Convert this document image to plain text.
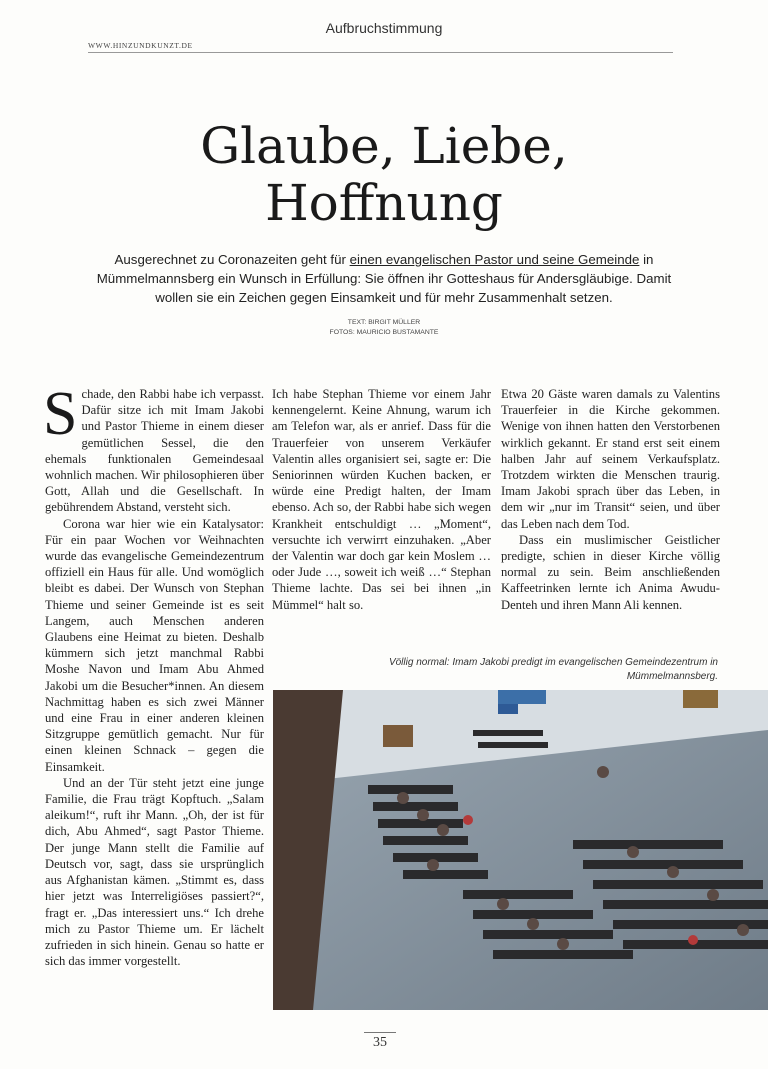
Aufbruchstimmung
WWW.HINZUNDKUNZT.DE
Glaube, Liebe,
Hoffnung

Ausgerechnet zu Coronazeiten geht für einen evangelischen Pastor und seine Gemeinde in Mümmelmannsberg ein Wunsch in Erfüllung: Sie öffnen ihr Gotteshaus für Andersgläubige. Damit wollen sie ein Zeichen gegen Einsamkeit und für mehr Zusammenhalt setzen.

TEXT: BIRGIT MÜLLER
FOTOS: MAURICIO BUSTAMANTE

Schade, den Rabbi habe ich verpasst. Dafür sitze ich mit Imam Jakobi und Pastor Thieme in einem dieser gemütlichen Sessel, die den ehemals funktionalen Gemeindesaal wohnlich machen. Wir philosophieren über Gott, Allah und die Gesellschaft. In gebührendem Abstand, versteht sich.

Corona war hier wie ein Katalysator: Für ein paar Wochen vor Weihnachten wurde das evangelische Gemeindezentrum offiziell ein Haus für alle. Und womöglich bleibt es dabei. Der Wunsch von Stephan Thieme und seiner Gemeinde ist es seit Langem, auch Menschen anderen Glaubens eine Heimat zu bieten. Deshalb kümmern sich jetzt manchmal Rabbi Moshe Navon und Imam Abu Ahmed Jakobi um die Besucher*innen. An diesem Nachmittag haben es sich zwei Männer und eine Frau in einer anderen kleinen Sitzgruppe gemütlich gemacht. Nur für einen kleinen Schnack – gegen die Einsamkeit.

Und an der Tür steht jetzt eine junge Familie, die Frau trägt Kopftuch. „Salam aleikum!“, ruft ihr Mann. „Oh, der ist für dich, Abu Ahmed“, sagt Pastor Thieme. Der junge Mann stellt die Familie auf Deutsch vor, sagt, dass sie ursprünglich aus Afghanistan kämen. „Stimmt es, dass hier jetzt was Interreligiöses passiert?“, fragt er. „Das interessiert uns.“ Ich drehe mich zu Pastor Thieme um. Er lächelt zufrieden in sich hinein. Genau so hatte er sich das immer vorgestellt.

Ich habe Stephan Thieme vor einem Jahr kennengelernt. Keine Ahnung, warum ich am Telefon war, als er anrief. Dass für die Trauerfeier von unserem Verkäufer Valentin alles organisiert sei, sagte er: Die Seniorinnen würden Kuchen backen, er würde eine Predigt halten, der Imam ebenso. Ach so, der Rabbi habe sich wegen Krankheit entschuldigt … „Moment“, versuchte ich verwirrt einzuhaken. „Aber der Valentin war doch gar kein Moslem … oder Jude …, soweit ich weiß …“ Stephan Thieme lachte. Das sei bei ihnen „in Mümmel“ halt so.

Etwa 20 Gäste waren damals zu Valentins Trauerfeier in die Kirche gekommen. Wenige von ihnen hatten den Verstorbenen wirklich gekannt. Er stand erst seit einem halben Jahr auf seinem Verkaufsplatz. Trotzdem wirkten die Menschen traurig. Imam Jakobi sprach über das Leben, in dem wir „nur im Transit“ seien, und über das Leben nach dem Tod.

Dass ein muslimischer Geistlicher predigte, schien in dieser Kirche völlig normal zu sein. Beim anschließenden Kaffeetrinken lernte ich Anima Awudu-Denteh und ihren Mann Ali kennen.

Völlig normal: Imam Jakobi predigt im evangelischen Gemeindezentrum in Mümmelmannsberg.
35
